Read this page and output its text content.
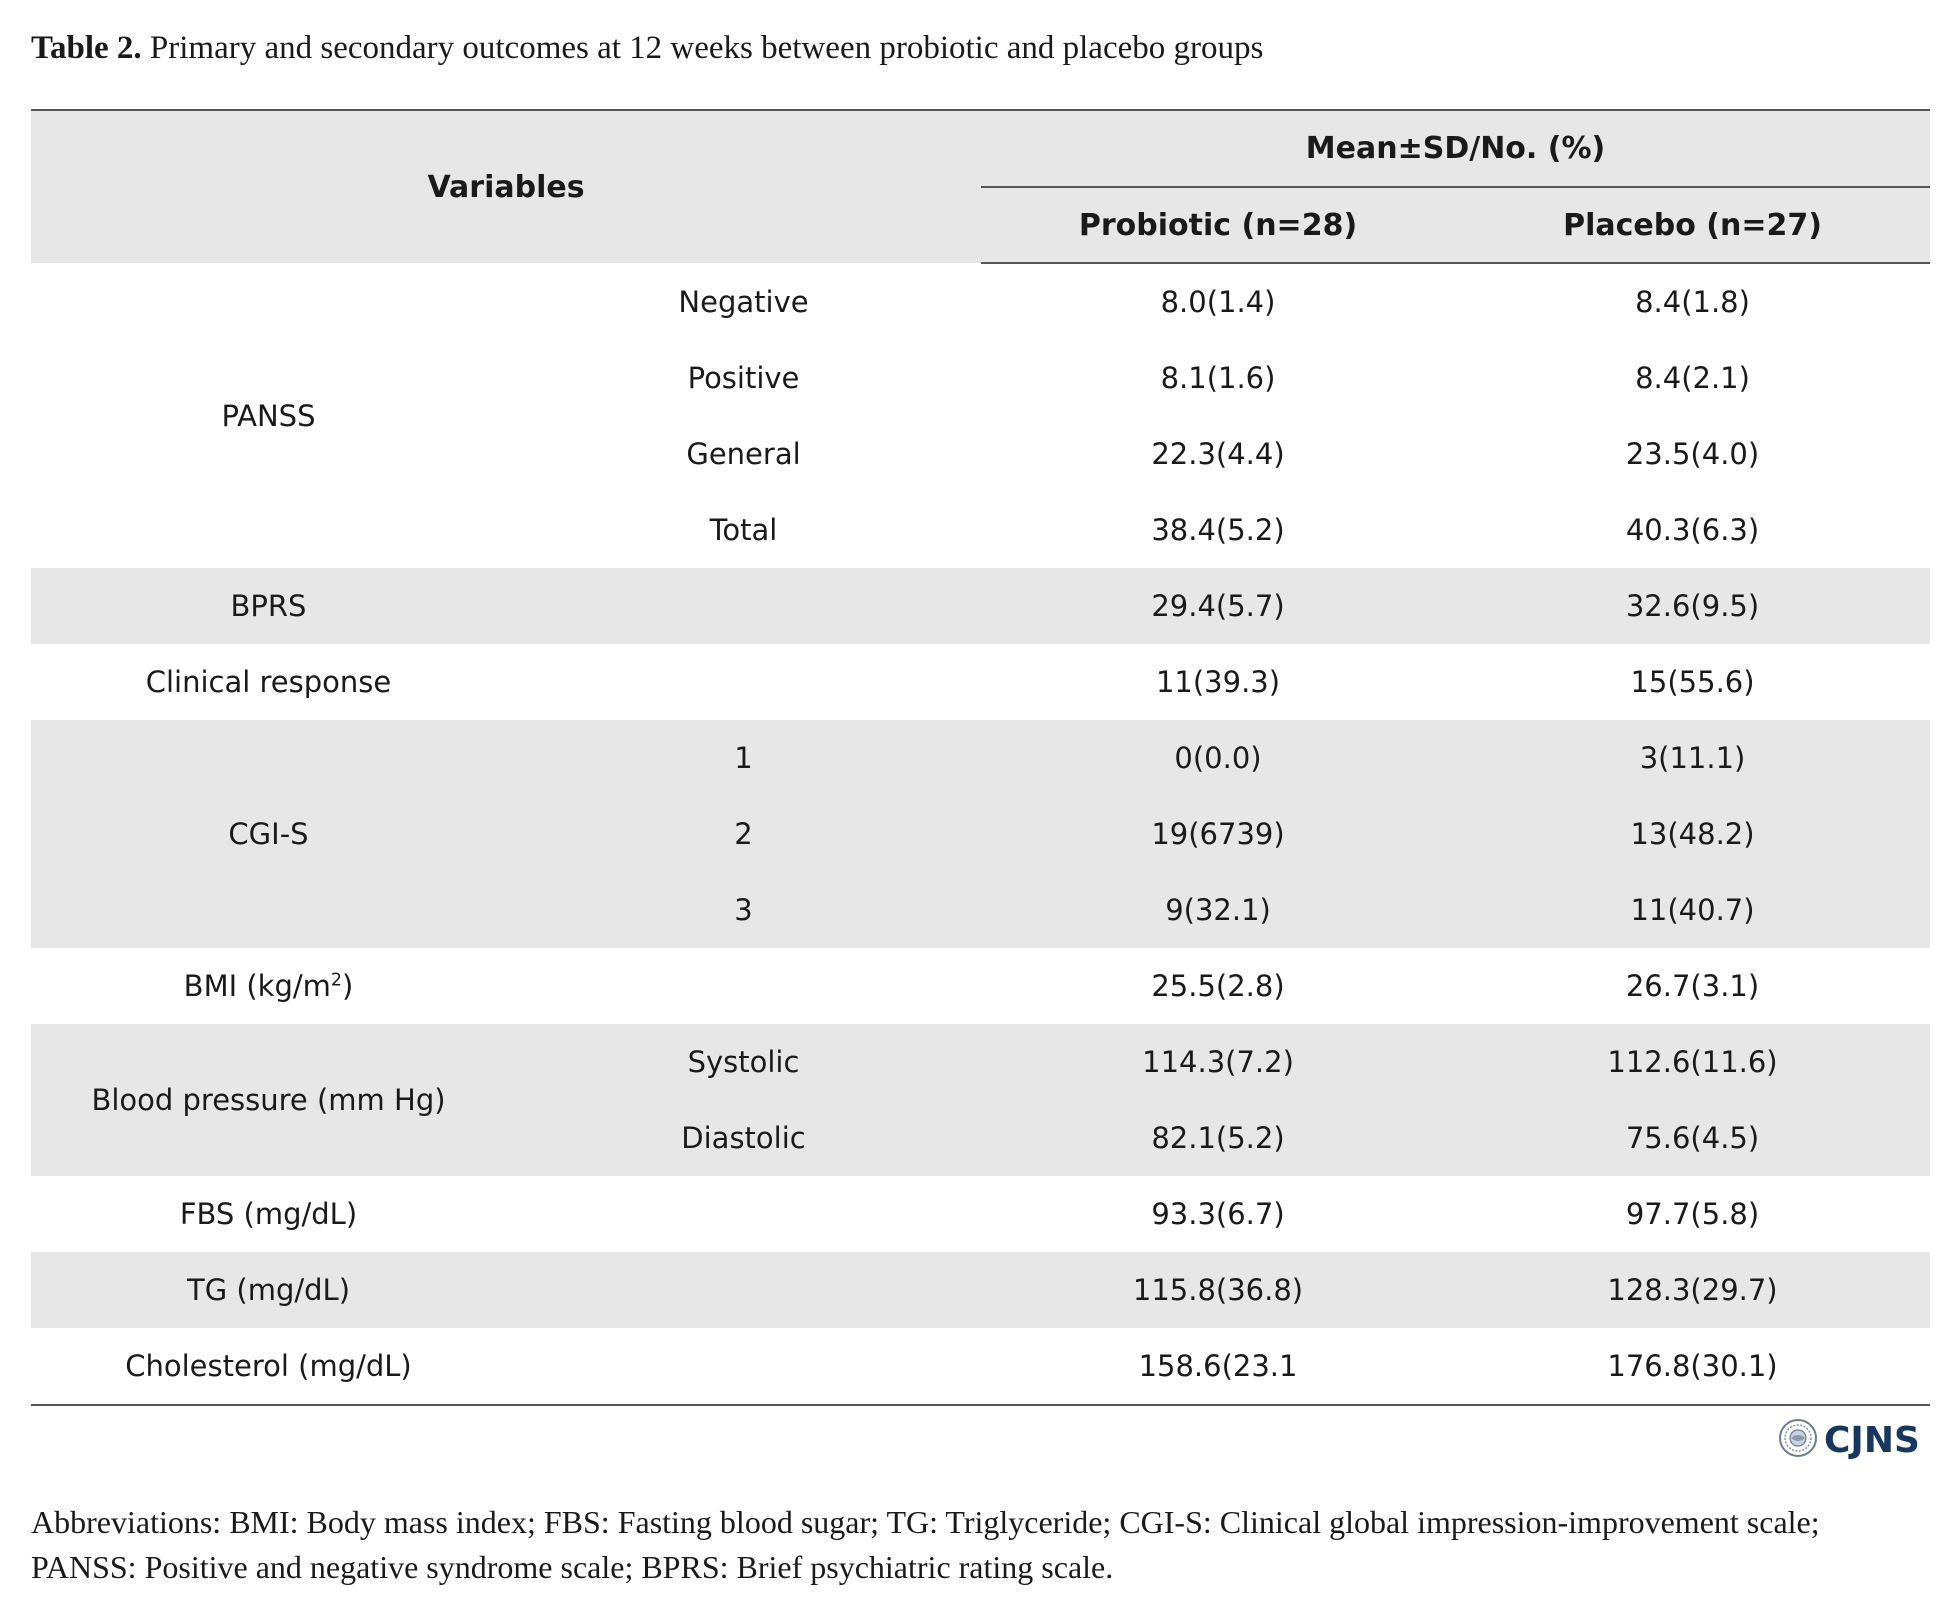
Table 2. Primary and secondary outcomes at 12 weeks between probiotic and placebo groups
Variables		Mean±SD/No. (%)	
		Probiotic (n=28)	Placebo (n=27)
PANSS	Negative	8.0(1.4)	8.4(1.8)
	Positive	8.1(1.6)	8.4(2.1)
	General	22.3(4.4)	23.5(4.0)
	Total	38.4(5.2)	40.3(6.3)
BPRS		29.4(5.7)	32.6(9.5)
Clinical response		11(39.3)	15(55.6)
CGI-S	1	0(0.0)	3(11.1)
	2	19(6739)	13(48.2)
	3	9(32.1)	11(40.7)
BMI $(kg/m^2)$		25.5(2.8)	26.7(3.1)
Blood pressure (mm Hg)	Systolic	114.3(7.2)	112.6(11.6)
	Diastolic	82.1(5.2)	75.6(4.5)
FBS (mg/dL)		93.3(6.7)	97.7(5.8)
TG (mg/dL)		115.8(36.8)	128.3(29.7)
Cholesterol (mg/dL)		158.6(23.1	176.8(30.1)
CJNS
Abbreviations: BMI: Body mass index; FBS: Fasting blood sugar; TG: Triglyceride; CGI-S: Clinical global impression-improvement scale; PANSS: Positive and negative syndrome scale; BPRS: Brief psychiatric rating scale.
